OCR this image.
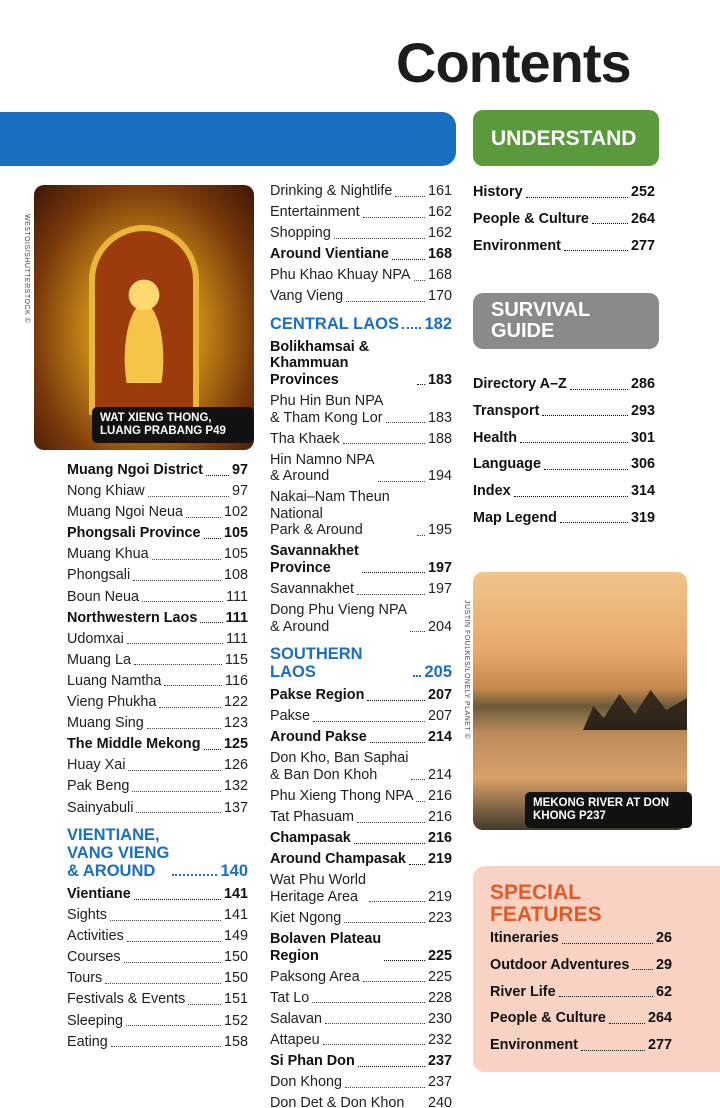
Contents
UNDERSTAND
SURVIVAL
GUIDE
WESTOIS/SHUTTERSTOCK ©
WAT XIENG THONG, LUANG PRABANG P49
Muang Ngoi District 97
Nong Khiaw	97
Muang Ngoi Neua	102
Phongsali Province 105
Muang Khua	105
Phongsali	108
Boun Neua	111
Northwestern Laos 111
Udomxai	111
Muang La	115
Luang Namtha	116
Vieng Phukha	122
Muang Sing	123
The Middle Mekong 125
Huay Xai	126
Pak Beng	132
Sainyabuli	137
VIENTIANE,
VANG VIENG
& AROUND	140
Vientiane	141
Sights	141
Activities	149
Courses	150
Tours	150
Festivals & Events	151
Sleeping	152
Eating	158
Drinking & Nightlife 161
Entertainment	162
Shopping	162
Around Vientiane	168
Phu Khao Khuay NPA 168
Vang Vieng	170
CENTRAL LAOS 182
Bolikhamsai & Khammuan
Provinces	183
Phu Hin Bun NPA
& Tham Kong Lor	183
Tha Khaek	188
Hin Namno NPA
& Around	194
Nakai–Nam Theun National
Park & Around	195
Savannakhet
Province	197
Savannakhet	197
Dong Phu Vieng NPA
& Around	204
SOUTHERN LAOS	205
Pakse Region	207
Pakse	207
Around Pakse	214
Don Kho, Ban Saphai
& Ban Don Khoh	214
Phu Xieng Thong NPA 216
Tat Phasuam	216
Champasak	216
Around Champasak 219
Wat Phu World
Heritage Area	219
Kiet Ngong	223
Bolaven Plateau
Region	225
Paksong Area	225
Tat Lo	228
Salavan	230
Attapeu	232
Si Phan Don	237
Don Khong	237
Don Det & Don Khon 240
History	252
People & Culture	264
Environment	277
Directory A–Z	286
Transport	293
Health	301
Language	306
Index	314
Map Legend	319
JUSTIN FOULKES/LONELY PLANET ©
MEKONG RIVER AT DON KHONG P237
SPECIAL
FEATURES
Itineraries	26
Outdoor Adventures 29
River Life	62
People & Culture	264
Environment	277
